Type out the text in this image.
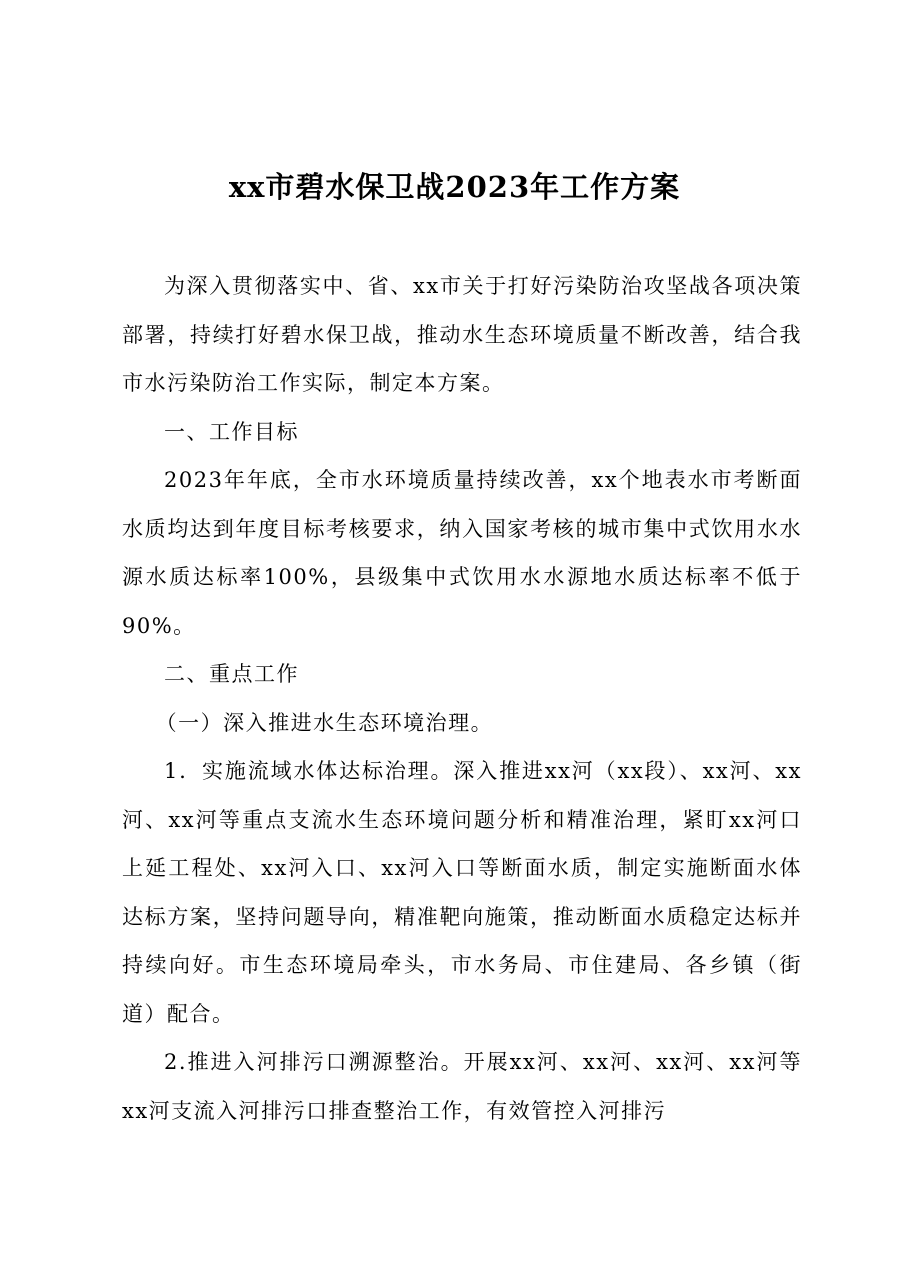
xx市碧水保卫战2023年工作方案

为深入贯彻落实中、省、xx市关于打好污染防治攻坚战各项决策部署，持续打好碧水保卫战，推动水生态环境质量不断改善，结合我市水污染防治工作实际，制定本方案。

一、工作目标

2023年年底，全市水环境质量持续改善，xx个地表水市考断面水质均达到年度目标考核要求，纳入国家考核的城市集中式饮用水水源水质达标率100%，县级集中式饮用水水源地水质达标率不低于90%。

二、重点工作

（一）深入推进水生态环境治理。

1．实施流域水体达标治理。深入推进xx河（xx段）、xx河、xx河、xx河等重点支流水生态环境问题分析和精准治理，紧盯xx河口上延工程处、xx河入口、xx河入口等断面水质，制定实施断面水体达标方案，坚持问题导向，精准靶向施策，推动断面水质稳定达标并持续向好。市生态环境局牵头，市水务局、市住建局、各乡镇（街道）配合。

2.推进入河排污口溯源整治。开展xx河、xx河、xx河、xx河等xx河支流入河排污口排查整治工作，有效管控入河排污
